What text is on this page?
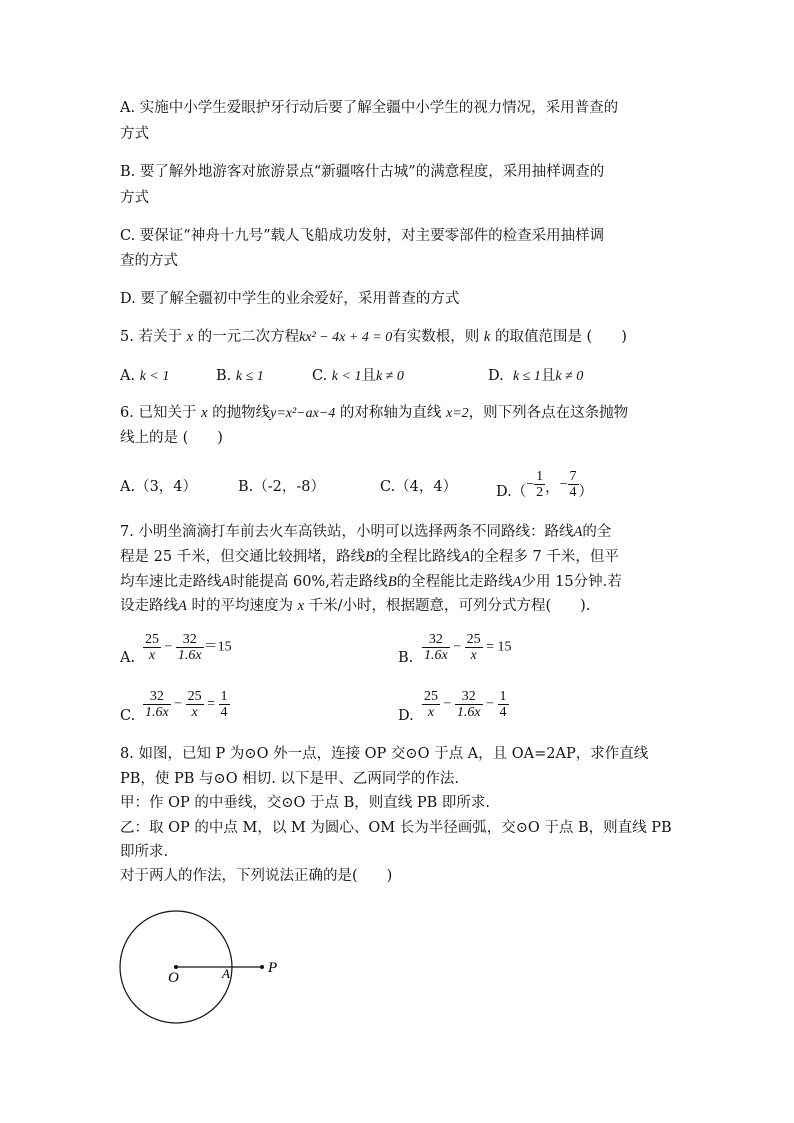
A. 实施中小学生爱眼护牙行动后要了解全疆中小学生的视力情况，采用普查的
方式
B. 要了解外地游客对旅游景点“新疆喀什古城”的满意程度，采用抽样调查的
方式
C. 要保证“神舟十九号”载人飞船成功发射，对主要零部件的检查采用抽样调
查的方式
D. 要了解全疆初中学生的业余爱好，采用普查的方式
5. 若关于 x 的一元二次方程kx² − 4x + 4 = 0有实数根，则 k 的取值范围是 (　　)
A. k < 1	B. k ≤ 1	C. k < 1且k ≠ 0	D. k ≤ 1且k ≠ 0
6. 已知关于 x 的抛物线y=x²−ax−4 的对称轴为直线 x=2，则下列各点在这条抛物
线上的是 (　　)
A.（3，4）	B.（-2，-8）	C.（4，4）	$D.(- \frac{1}{2}$ ，− $\frac{7}{4}$ ）
7. 小明坐滴滴打车前去火车高铁站，小明可以选择两条不同路线：路线A的全
程是 25 千米，但交通比较拥堵，路线B的全程比路线A的全程多 7 千米，但平
均车速比走路线A时能提高 60%,若走路线B的全程能比走路线A少用 15分钟.若
设走路线A 时的平均速度为 x 千米/小时，根据题意，可列分式方程(　　).
A. $\frac{25}{x} - \frac{32}{1.6x} =15$
B. $\frac{32}{1.6x} - \frac{25}{x} = 15$
C. $\frac{32}{1.6x} - \frac{25}{x} = \frac{1}{4}$	D. $\frac{25}{x} - \frac{32}{1.6x} - \frac{1}{4}$
8. 如图，已知 P 为⊙O 外一点，连接 OP 交⊙O 于点 A，且 OA=2AP，求作直线
PB，使 PB 与⊙O 相切. 以下是甲、乙两同学的作法.
甲：作 OP 的中垂线，交⊙O 于点 B，则直线 PB 即所求.
乙：取 OP 的中点 M，以 M 为圆心、OM 长为半径画弧，交⊙O 于点 B，则直线 PB
即所求.
对于两人的作法，下列说法正确的是(　　)
O	A	P
